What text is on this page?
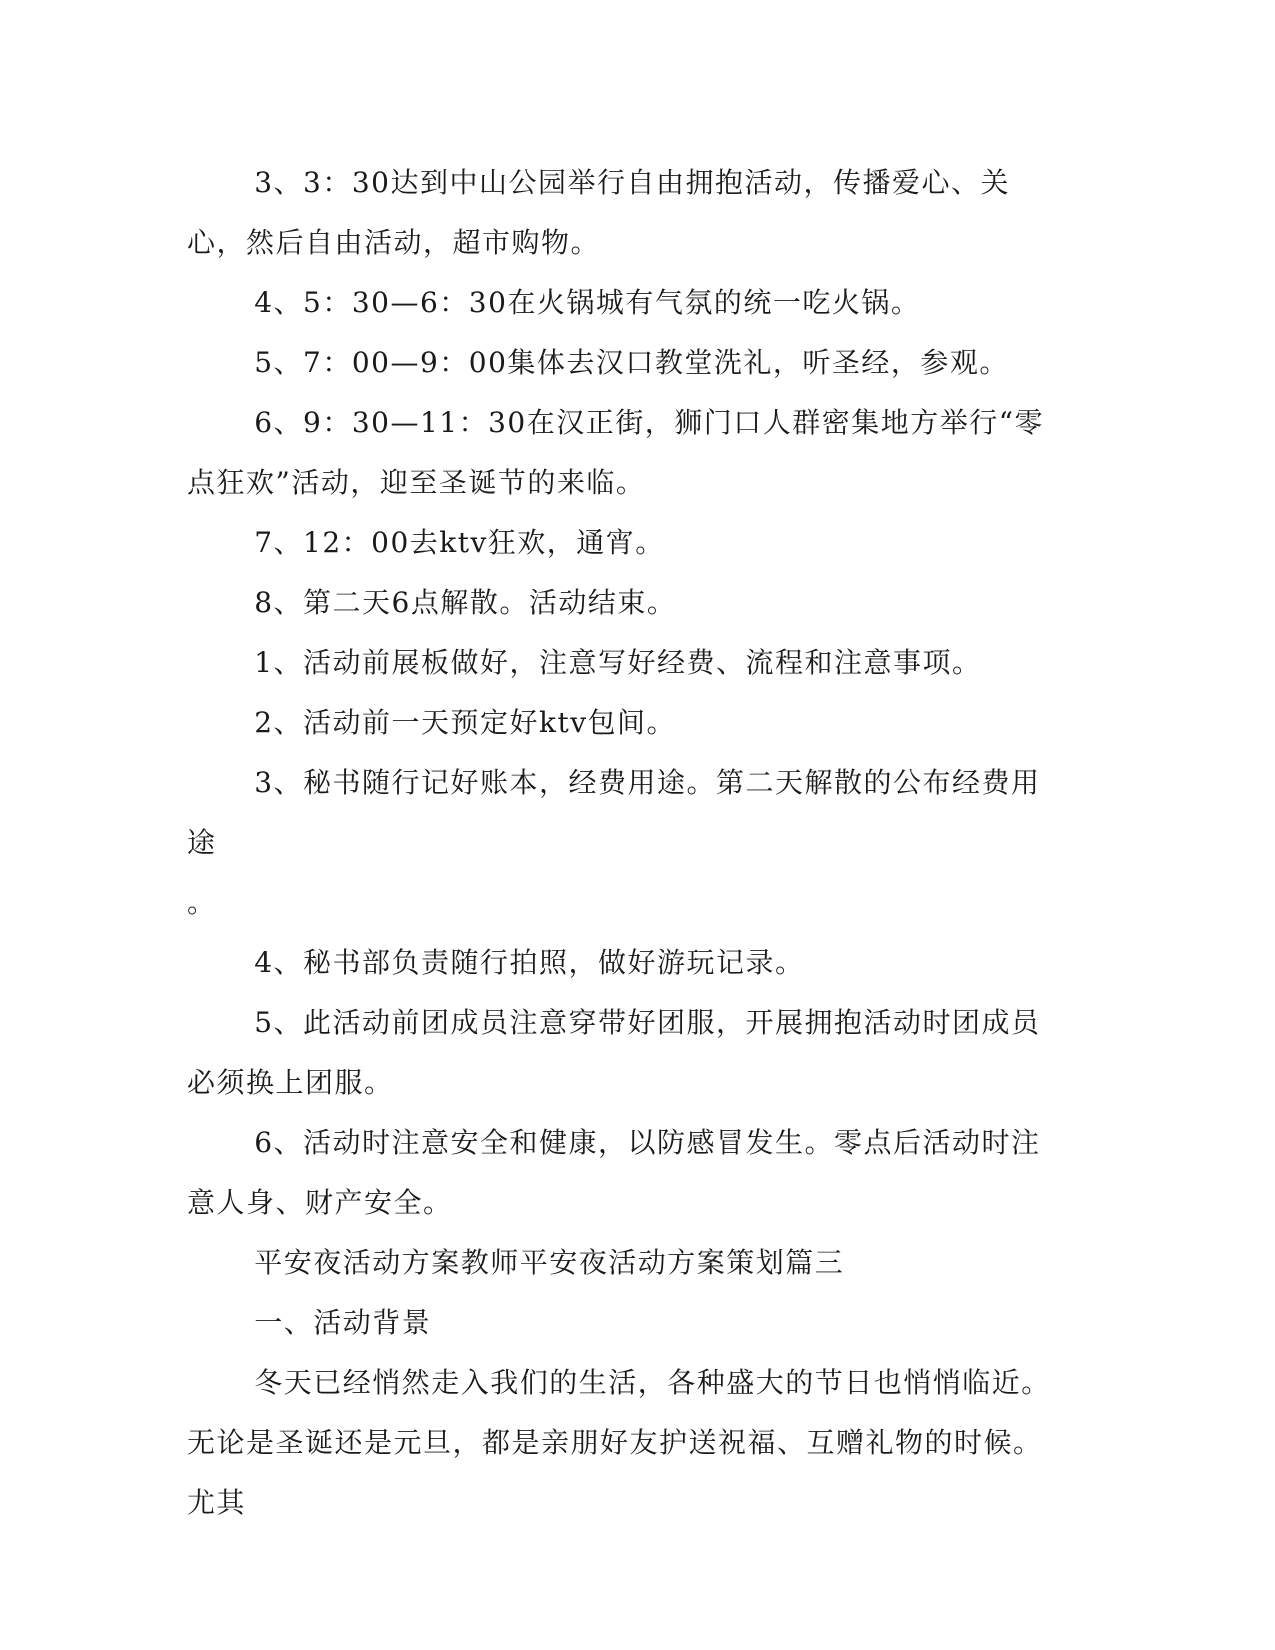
3、3：30达到中山公园举行自由拥抱活动，传播爱心、关心，然后自由活动，超市购物。

4、5：30—6：30在火锅城有气氛的统一吃火锅。

5、7：00—9：00集体去汉口教堂洗礼，听圣经，参观。

6、9：30—11：30在汉正街，狮门口人群密集地方举行“零点狂欢”活动，迎至圣诞节的来临。

7、12：00去ktv狂欢，通宵。

8、第二天6点解散。活动结束。

1、活动前展板做好，注意写好经费、流程和注意事项。

2、活动前一天预定好ktv包间。

3、秘书随行记好账本，经费用途。第二天解散的公布经费用途

。

4、秘书部负责随行拍照，做好游玩记录。

5、此活动前团成员注意穿带好团服，开展拥抱活动时团成员必须换上团服。

6、活动时注意安全和健康，以防感冒发生。零点后活动时注意人身、财产安全。

平安夜活动方案教师平安夜活动方案策划篇三

一、活动背景

冬天已经悄然走入我们的生活，各种盛大的节日也悄悄临近。无论是圣诞还是元旦，都是亲朋好友护送祝福、互赠礼物的时候。尤其
